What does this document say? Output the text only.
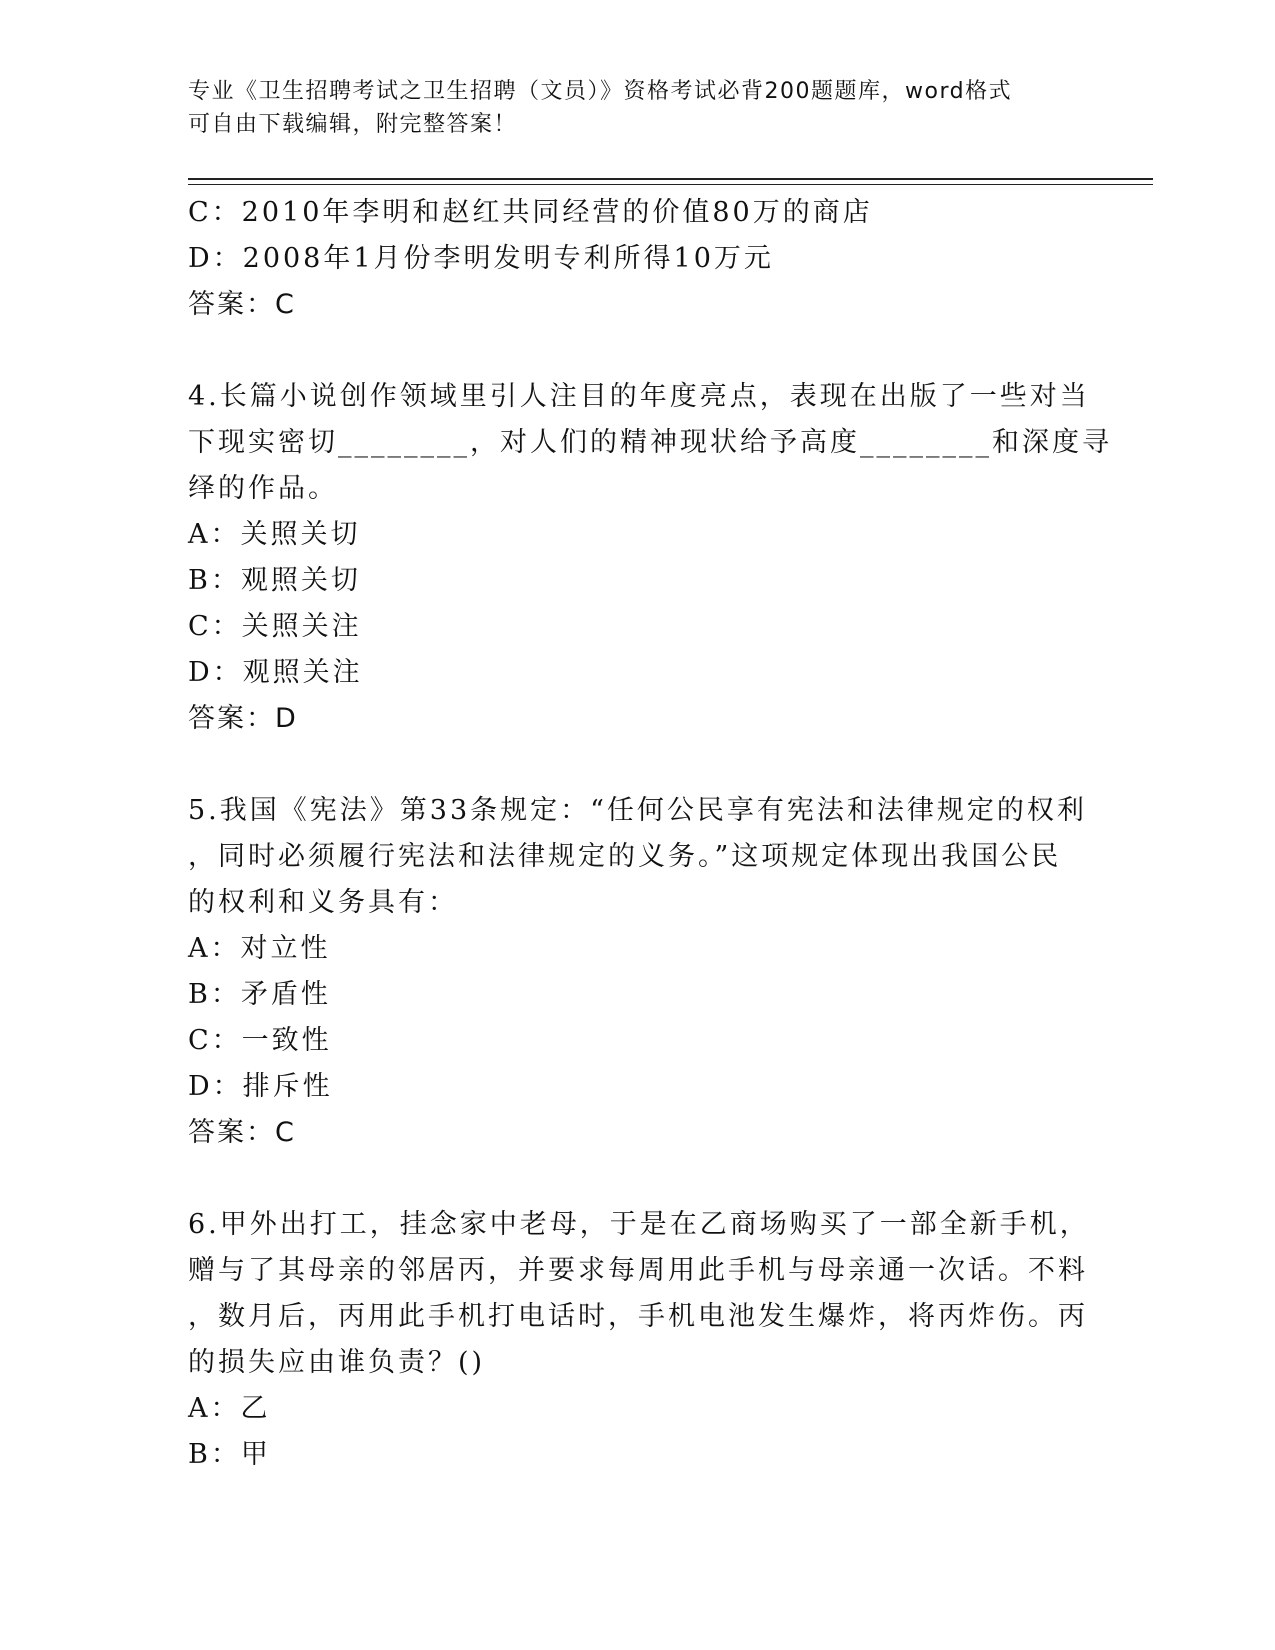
专业《卫生招聘考试之卫生招聘（文员）》资格考试必背200题题库，word格式
可自由下载编辑，附完整答案！
C：2010年李明和赵红共同经营的价值80万的商店
D：2008年1月份李明发明专利所得10万元
答案：C
4.长篇小说创作领域里引人注目的年度亮点，表现在出版了一些对当
下现实密切________，对人们的精神现状给予高度________和深度寻
绎的作品。
A：关照关切
B：观照关切
C：关照关注
D：观照关注
答案：D
5.我国《宪法》第33条规定：“任何公民享有宪法和法律规定的权利
，同时必须履行宪法和法律规定的义务。”这项规定体现出我国公民
的权利和义务具有：
A：对立性
B：矛盾性
C：一致性
D：排斥性
答案：C
6.甲外出打工，挂念家中老母，于是在乙商场购买了一部全新手机，
赠与了其母亲的邻居丙，并要求每周用此手机与母亲通一次话。不料
，数月后，丙用此手机打电话时，手机电池发生爆炸，将丙炸伤。丙
的损失应由谁负责？()
A：乙
B：甲
